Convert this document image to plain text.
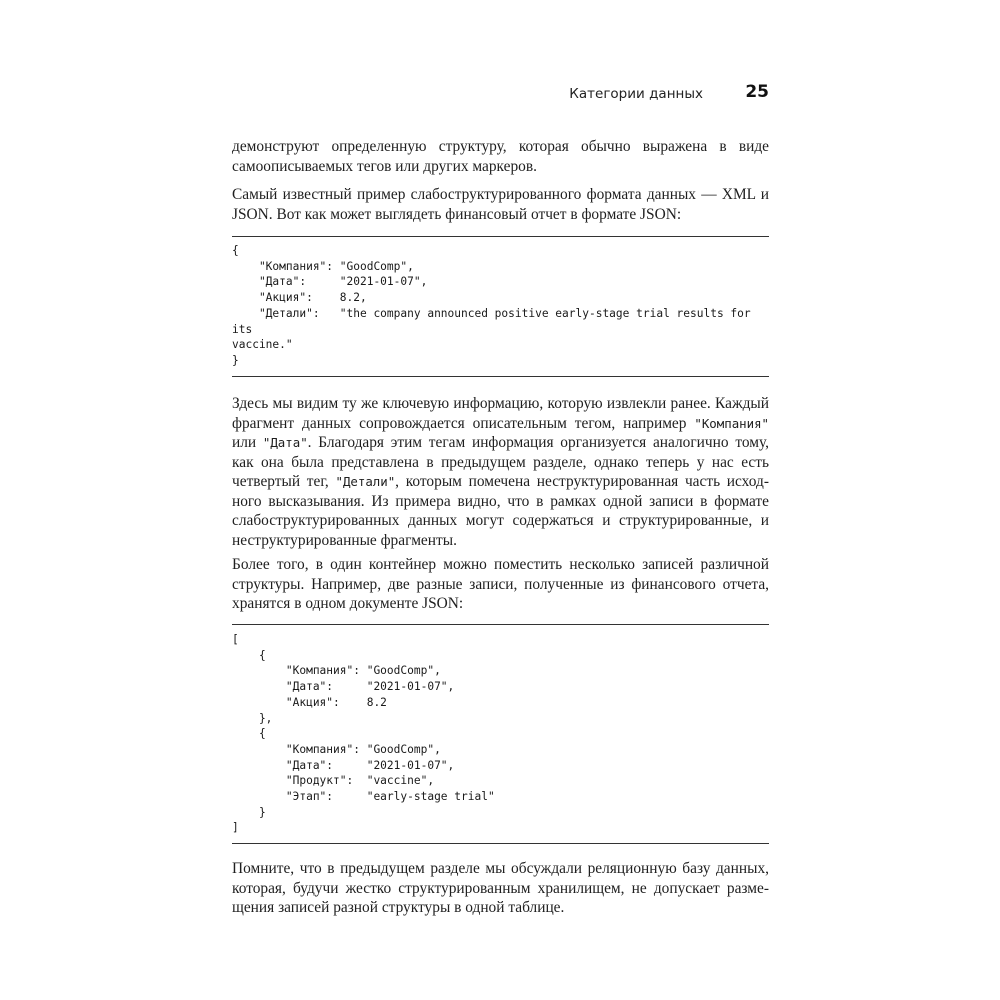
Категории данных 25

демонструют определенную структуру, которая обычно выражена в виде самоописываемых тегов или других маркеров.

Самый известный пример слабоструктурированного формата данных — XML и JSON. Вот как может выглядеть финансовый отчет в формате JSON:

{
"Компания": "GoodComp",
"Дата":     "2021-01-07",
"Акция":    8.2,
"Детали":   "the company announced positive early-stage trial results for
its
vaccine."
}

Здесь мы видим ту же ключевую информацию, которую извлекли ранее. Каждый фрагмент данных сопровождается описательным тегом, например "Компания" или "Дата". Благодаря этим тегам информация организуется аналогично тому, как она была представлена в предыдущем разделе, однако теперь у нас есть четвертый тег, "Детали", которым помечена неструктурированная часть исходного высказывания. Из примера видно, что в рамках одной записи в формате слабоструктурированных данных могут содержаться и структурированные, и неструктурированные фрагменты.

Более того, в один контейнер можно поместить несколько записей различной структуры. Например, две разные записи, полученные из финансового отчета, хранятся в одном документе JSON:

[
{
"Компания": "GoodComp",
"Дата":     "2021-01-07",
"Акция":    8.2
},
{
"Компания": "GoodComp",
"Дата":     "2021-01-07",
"Продукт":  "vaccine",
"Этап":     "early-stage trial"
}
]

Помните, что в предыдущем разделе мы обсуждали реляционную базу данных, которая, будучи жестко структурированным хранилищем, не допускает размещения записей разной структуры в одной таблице.
